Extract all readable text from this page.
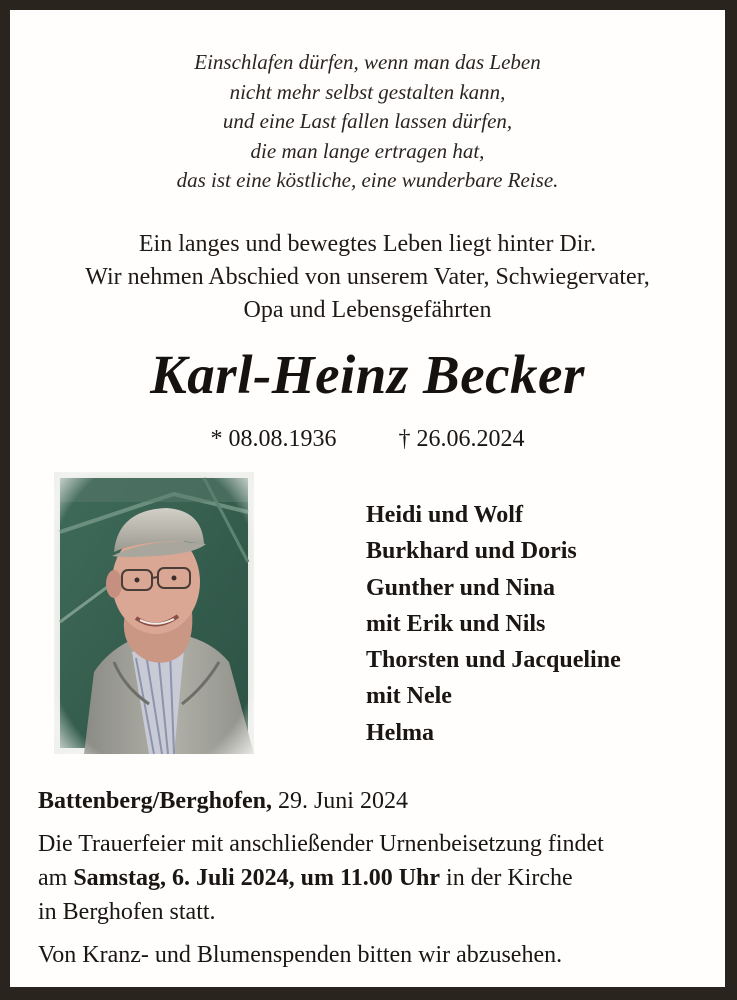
Einschlafen dürfen, wenn man das Leben
nicht mehr selbst gestalten kann,
und eine Last fallen lassen dürfen,
die man lange ertragen hat,
das ist eine köstliche, eine wunderbare Reise.
Ein langes und bewegtes Leben liegt hinter Dir.
Wir nehmen Abschied von unserem Vater, Schwiegervater,
Opa und Lebensgefährten
Karl-Heinz Becker
* 08.08.1936	† 26.06.2024
Heidi und Wolf
Burkhard und Doris
Gunther und Nina
mit Erik und Nils
Thorsten und Jacqueline
mit Nele
Helma
Battenberg/Berghofen, 29. Juni 2024
Die Trauerfeier mit anschließender Urnenbeisetzung findet
am Samstag, 6. Juli 2024, um 11.00 Uhr in der Kirche
in Berghofen statt.
Von Kranz- und Blumenspenden bitten wir abzusehen.
